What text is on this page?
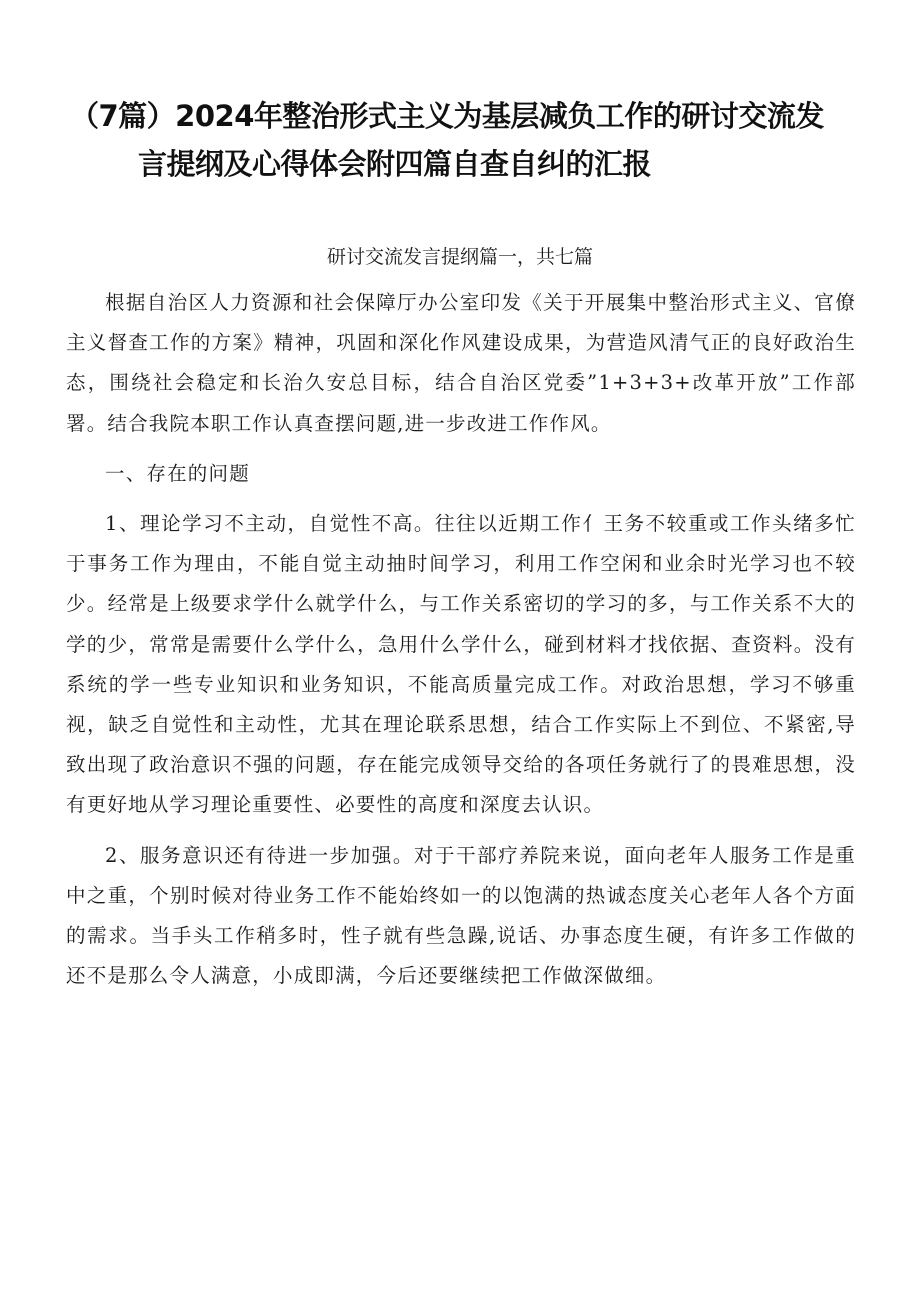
（7篇）2024年整治形式主义为基层减负工作的研讨交流发
言提纲及心得体会附四篇自查自纠的汇报
研讨交流发言提纲篇一，共七篇

根据自治区人力资源和社会保障厅办公室印发《关于开展集中整治形式主义、官僚主义督查工作的方案》精神，巩固和深化作风建设成果，为营造风清气正的良好政治生态，围绕社会稳定和长治久安总目标，结合自治区党委”1+3+3+改革开放”工作部署。结合我院本职工作认真查摆问题,进一步改进工作作风。

一、存在的问题

1、理论学习不主动，自觉性不高。往往以近期工作亻王务不较重或工作头绪多忙于事务工作为理由，不能自觉主动抽时间学习，利用工作空闲和业余时光学习也不较少。经常是上级要求学什么就学什么，与工作关系密切的学习的多，与工作关系不大的学的少，常常是需要什么学什么，急用什么学什么，碰到材料才找依据、查资料。没有系统的学一些专业知识和业务知识，不能高质量完成工作。对政治思想，学习不够重视，缺乏自觉性和主动性，尤其在理论联系思想，结合工作实际上不到位、不紧密,导致出现了政治意识不强的问题，存在能完成领导交给的各项任务就行了的畏难思想，没有更好地从学习理论重要性、必要性的高度和深度去认识。

2、服务意识还有待进一步加强。对于干部疗养院来说，面向老年人服务工作是重中之重，个别时候对待业务工作不能始终如一的以饱满的热诚态度关心老年人各个方面的需求。当手头工作稍多时，性子就有些急躁,说话、办事态度生硬，有许多工作做的还不是那么令人满意，小成即满，今后还要继续把工作做深做细。
